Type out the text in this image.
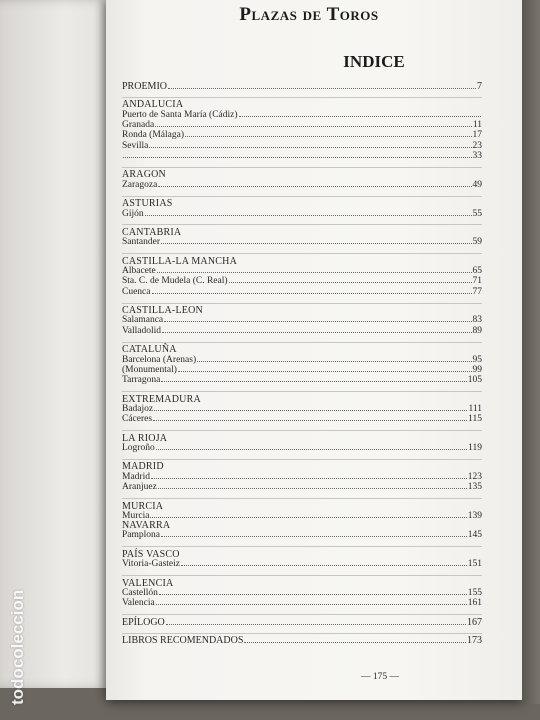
Plazas de Toros
INDICE
PROEMIO	7
ANDALUCIA
Puerto de Santa María (Cádiz)
Granada	11
Ronda (Málaga)	17
Sevilla	23
33
ARAGON
Zaragoza	49
ASTURIAS
Gijón	55
CANTABRIA
Santander	59
CASTILLA-LA MANCHA
Albacete	65
Sta. C. de Mudela (C. Real)	71
Cuenca	77
CASTILLA-LEON
Salamanca	83
Valladolid	89
CATALUÑA
Barcelona (Arenas)	95
(Monumental)	99
Tarragona	105
EXTREMADURA
Badajoz	111
Cáceres	115
LA RIOJA
Logroño	119
MADRID
Madrid	123
Aranjuez	135
MURCIA
Murcia	139
NAVARRA
Pamplona	145
PAÍS VASCO
Vitoria-Gasteiz	151
VALENCIA
Castellón	155
Valencia	161
EPÍLOGO	167
LIBROS RECOMENDADOS	173
— 175 —
todocoleccion
